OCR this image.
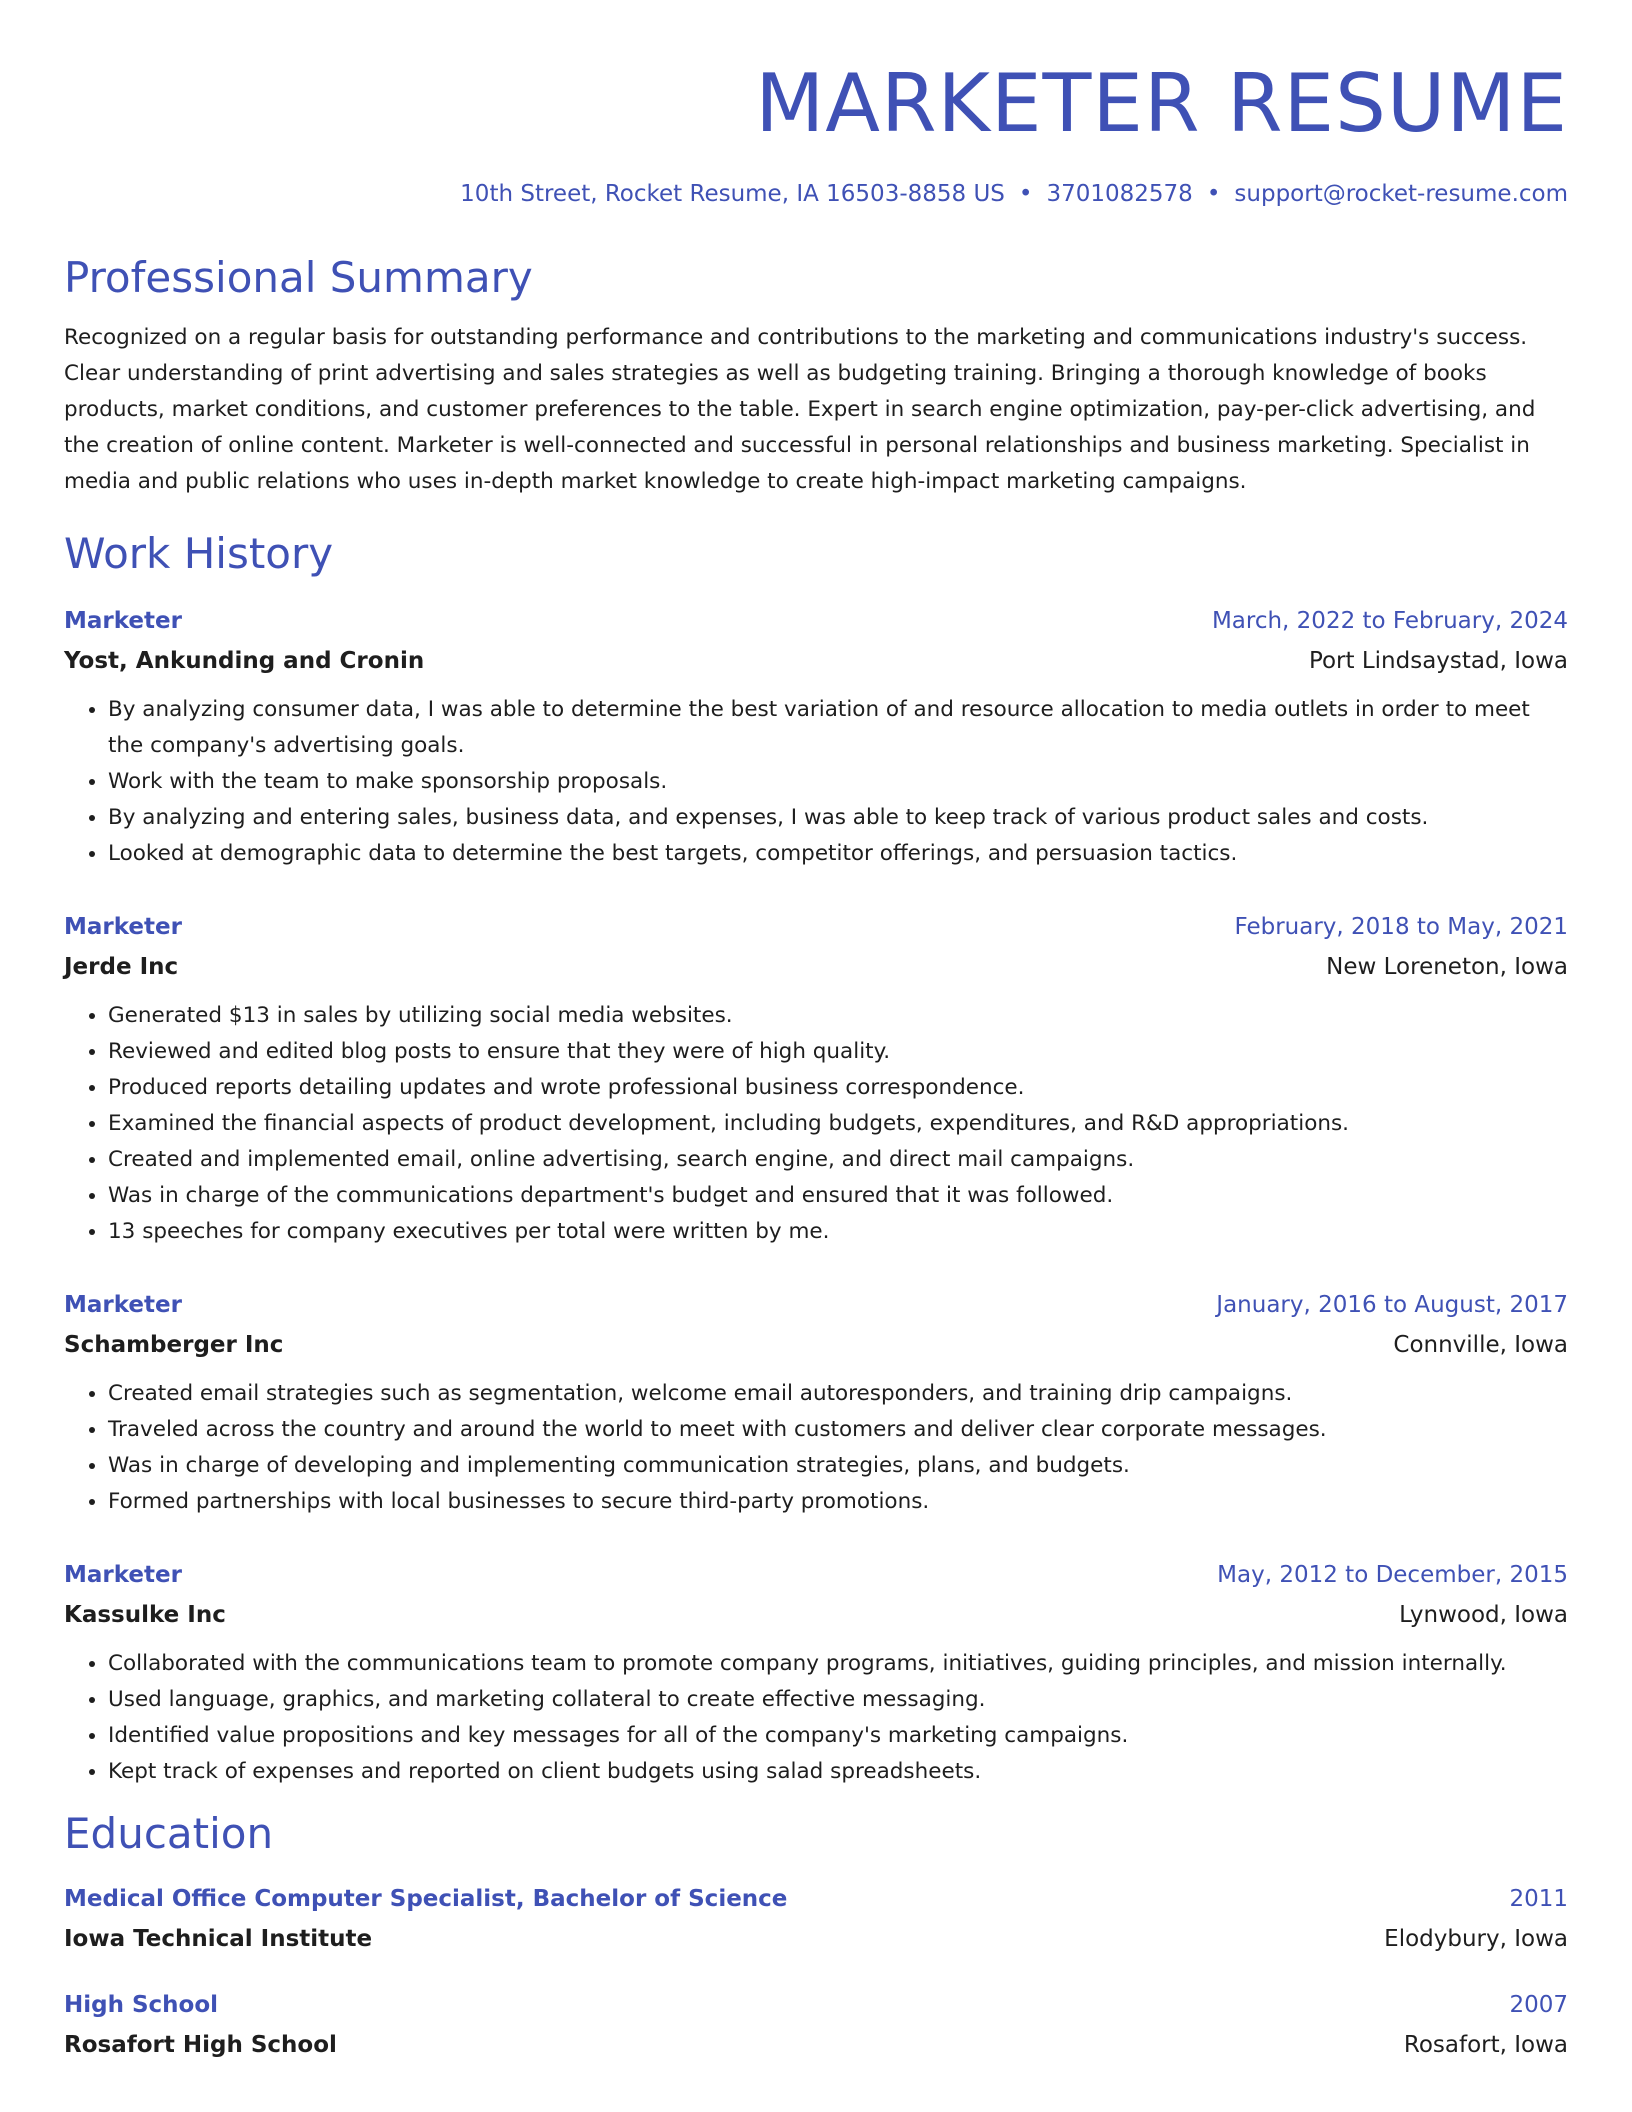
MARKETER RESUME
10th Street, Rocket Resume, IA 16503-8858 US • 3701082578 • support@rocket-resume.com
Professional Summary
Recognized on a regular basis for outstanding performance and contributions to the marketing and communications industry's success. Clear understanding of print advertising and sales strategies as well as budgeting training. Bringing a thorough knowledge of books products, market conditions, and customer preferences to the table. Expert in search engine optimization, pay-per-click advertising, and the creation of online content. Marketer is well-connected and successful in personal relationships and business marketing. Specialist in media and public relations who uses in-depth market knowledge to create high-impact marketing campaigns.
Work History
Marketer	March, 2022 to February, 2024
Yost, Ankunding and Cronin	Port Lindsaystad, Iowa
• By analyzing consumer data, I was able to determine the best variation of and resource allocation to media outlets in order to meet the company's advertising goals.
• Work with the team to make sponsorship proposals.
• By analyzing and entering sales, business data, and expenses, I was able to keep track of various product sales and costs.
• Looked at demographic data to determine the best targets, competitor offerings, and persuasion tactics.
Marketer	February, 2018 to May, 2021
Jerde Inc	New Loreneton, Iowa
• Generated $13 in sales by utilizing social media websites.
• Reviewed and edited blog posts to ensure that they were of high quality.
• Produced reports detailing updates and wrote professional business correspondence.
• Examined the financial aspects of product development, including budgets, expenditures, and R&D appropriations.
• Created and implemented email, online advertising, search engine, and direct mail campaigns.
• Was in charge of the communications department's budget and ensured that it was followed.
• 13 speeches for company executives per total were written by me.
Marketer	January, 2016 to August, 2017
Schamberger Inc	Connville, Iowa
• Created email strategies such as segmentation, welcome email autoresponders, and training drip campaigns.
• Traveled across the country and around the world to meet with customers and deliver clear corporate messages.
• Was in charge of developing and implementing communication strategies, plans, and budgets.
• Formed partnerships with local businesses to secure third-party promotions.
Marketer	May, 2012 to December, 2015
Kassulke Inc	Lynwood, Iowa
• Collaborated with the communications team to promote company programs, initiatives, guiding principles, and mission internally.
• Used language, graphics, and marketing collateral to create effective messaging.
• Identified value propositions and key messages for all of the company's marketing campaigns.
• Kept track of expenses and reported on client budgets using salad spreadsheets.
Education
Medical Office Computer Specialist, Bachelor of Science	2011
Iowa Technical Institute	Elodybury, Iowa
High School	2007
Rosafort High School	Rosafort, Iowa
